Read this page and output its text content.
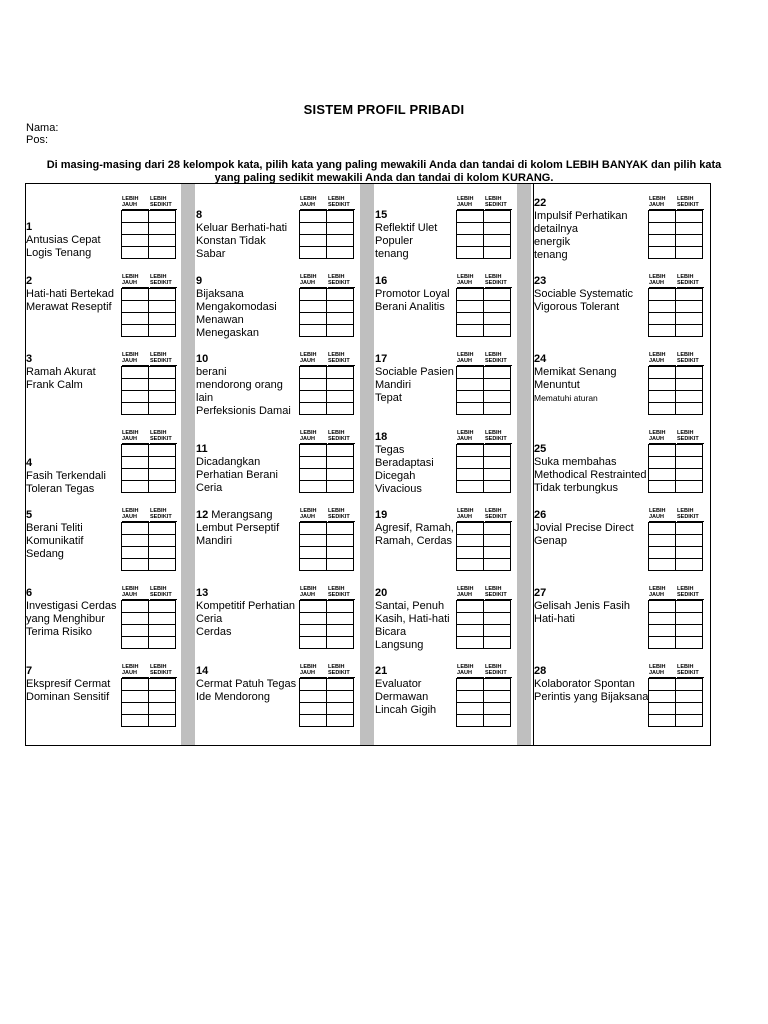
SISTEM PROFIL PRIBADI
Nama:
Pos:
Di masing-masing dari 28 kelompok kata, pilih kata yang paling mewakili Anda dan tandai di kolom LEBIH BANYAK dan pilih kata
yang paling sedikit mewakili Anda dan tandai di kolom KURANG.
1
Antusias Cepat
Logis Tenang
LEBIH
JAUH
LEBIH
SEDIKIT

2
Hati-hati Bertekad
Merawat Reseptif
LEBIH
JAUH
LEBIH
SEDIKIT

3
Ramah Akurat
Frank Calm
LEBIH
JAUH
LEBIH
SEDIKIT

4
Fasih Terkendali
Toleran Tegas
LEBIH
JAUH
LEBIH
SEDIKIT

5
Berani Teliti
Komunikatif
Sedang
LEBIH
JAUH
LEBIH
SEDIKIT

6
Investigasi Cerdas
yang Menghibur
Terima Risiko
LEBIH
JAUH
LEBIH
SEDIKIT

7
Ekspresif Cermat
Dominan Sensitif
LEBIH
JAUH
LEBIH
SEDIKIT

8
Keluar Berhati-hati
Konstan Tidak
Sabar
LEBIH
JAUH
LEBIH
SEDIKIT

9
Bijaksana
Mengakomodasi
Menawan
Menegaskan
LEBIH
JAUH
LEBIH
SEDIKIT

10
berani
mendorong orang
lain
Perfeksionis Damai
LEBIH
JAUH
LEBIH
SEDIKIT

11
Dicadangkan
Perhatian Berani
Ceria
LEBIH
JAUH
LEBIH
SEDIKIT

12 Merangsang
Lembut Perseptif
Mandiri
LEBIH
JAUH
LEBIH
SEDIKIT

13
Kompetitif Perhatian
Ceria
Cerdas
LEBIH
JAUH
LEBIH
SEDIKIT

14
Cermat Patuh Tegas
Ide Mendorong
LEBIH
JAUH
LEBIH
SEDIKIT

15
Reflektif Ulet
Populer
tenang
LEBIH
JAUH
LEBIH
SEDIKIT

16
Promotor Loyal
Berani Analitis
LEBIH
JAUH
LEBIH
SEDIKIT

17
Sociable Pasien
Mandiri
Tepat
LEBIH
JAUH
LEBIH
SEDIKIT

18
Tegas
Beradaptasi
Dicegah
Vivacious
LEBIH
JAUH
LEBIH
SEDIKIT

19
Agresif, Ramah,
Ramah, Cerdas
LEBIH
JAUH
LEBIH
SEDIKIT

20
Santai, Penuh
Kasih, Hati-hati
Bicara
Langsung
LEBIH
JAUH
LEBIH
SEDIKIT

21
Evaluator
Dermawan
Lincah Gigih
LEBIH
JAUH
LEBIH
SEDIKIT

22
Impulsif Perhatikan
detailnya
energik
tenang
LEBIH
JAUH
LEBIH
SEDIKIT

23
Sociable Systematic
Vigorous Tolerant
LEBIH
JAUH
LEBIH
SEDIKIT

24
Memikat Senang
Menuntut
Mematuhi aturan
LEBIH
JAUH
LEBIH
SEDIKIT

25
Suka membahas
Methodical Restrainted
Tidak terbungkus
LEBIH
JAUH
LEBIH
SEDIKIT

26
Jovial Precise Direct
Genap
LEBIH
JAUH
LEBIH
SEDIKIT

27
Gelisah Jenis Fasih
Hati-hati
LEBIH
JAUH
LEBIH
SEDIKIT

28
Kolaborator Spontan
Perintis yang Bijaksana
LEBIH
JAUH
LEBIH
SEDIKIT
